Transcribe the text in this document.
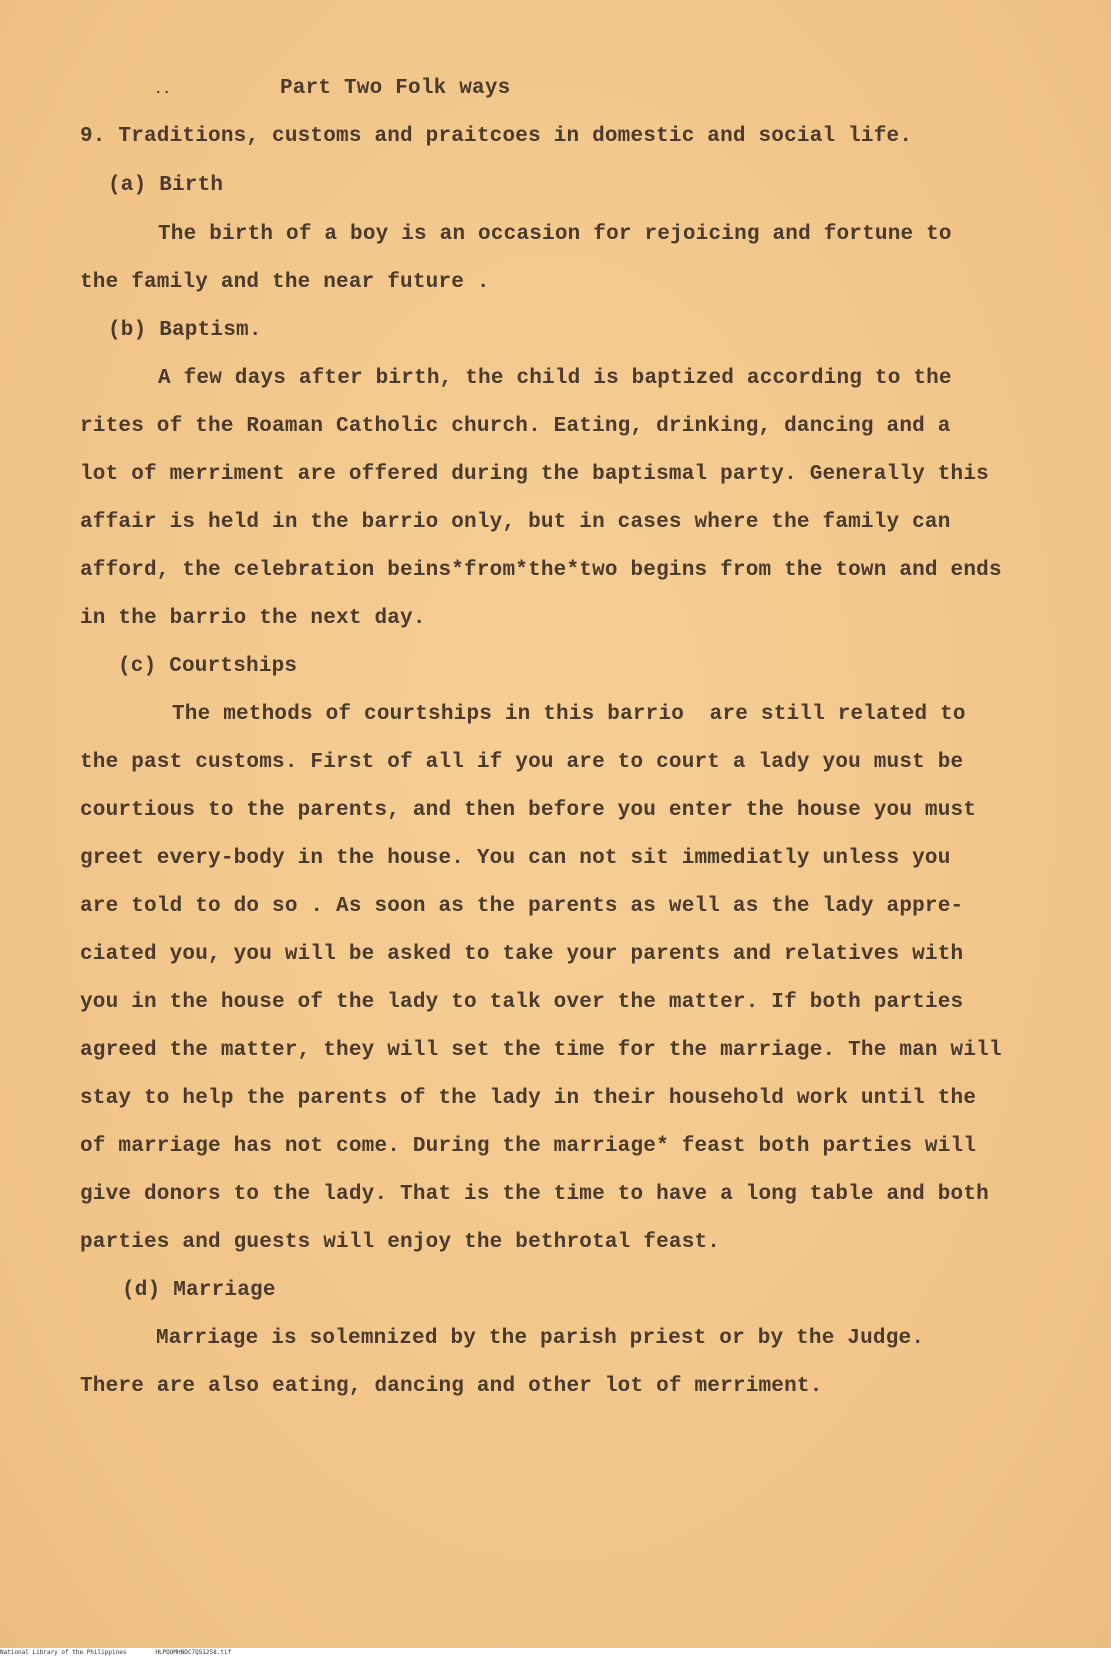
..	Part Two Folk ways
9. Traditions, customs and praitcoes in domestic and social life.
(a) Birth
The birth of a boy is an occasion for rejoicing and fortune to
the family and the near future .
(b) Baptism.
A few days after birth, the child is baptized according to the
rites of the Roaman Catholic church. Eating, drinking, dancing and a
lot of merriment are offered during the baptismal party. Generally this
affair is held in the barrio only, but in cases where the family can
afford, the celebration beins*from*the*two begins from the town and ends
in the barrio the next day.
(c) Courtships
The methods of courtships in this barrio  are still related to
the past customs. First of all if you are to court a lady you must be
courtious to the parents, and then before you enter the house you must
greet every-body in the house. You can not sit immediatly unless you
are told to do so . As soon as the parents as well as the lady appre-
ciated you, you will be asked to take your parents and relatives with
you in the house of the lady to talk over the matter. If both parties
agreed the matter, they will set the time for the marriage. The man will
stay to help the parents of the lady in their household work until the
of marriage has not come. During the marriage* feast both parties will
give donors to the lady. That is the time to have a long table and both
parties and guests will enjoy the bethrotal feast.
(d) Marriage
Marriage is solemnized by the parish priest or by the Judge.
There are also eating, dancing and other lot of merriment.
National Library of the Philippines	HLPOOMHNDC7Q51258.tif
